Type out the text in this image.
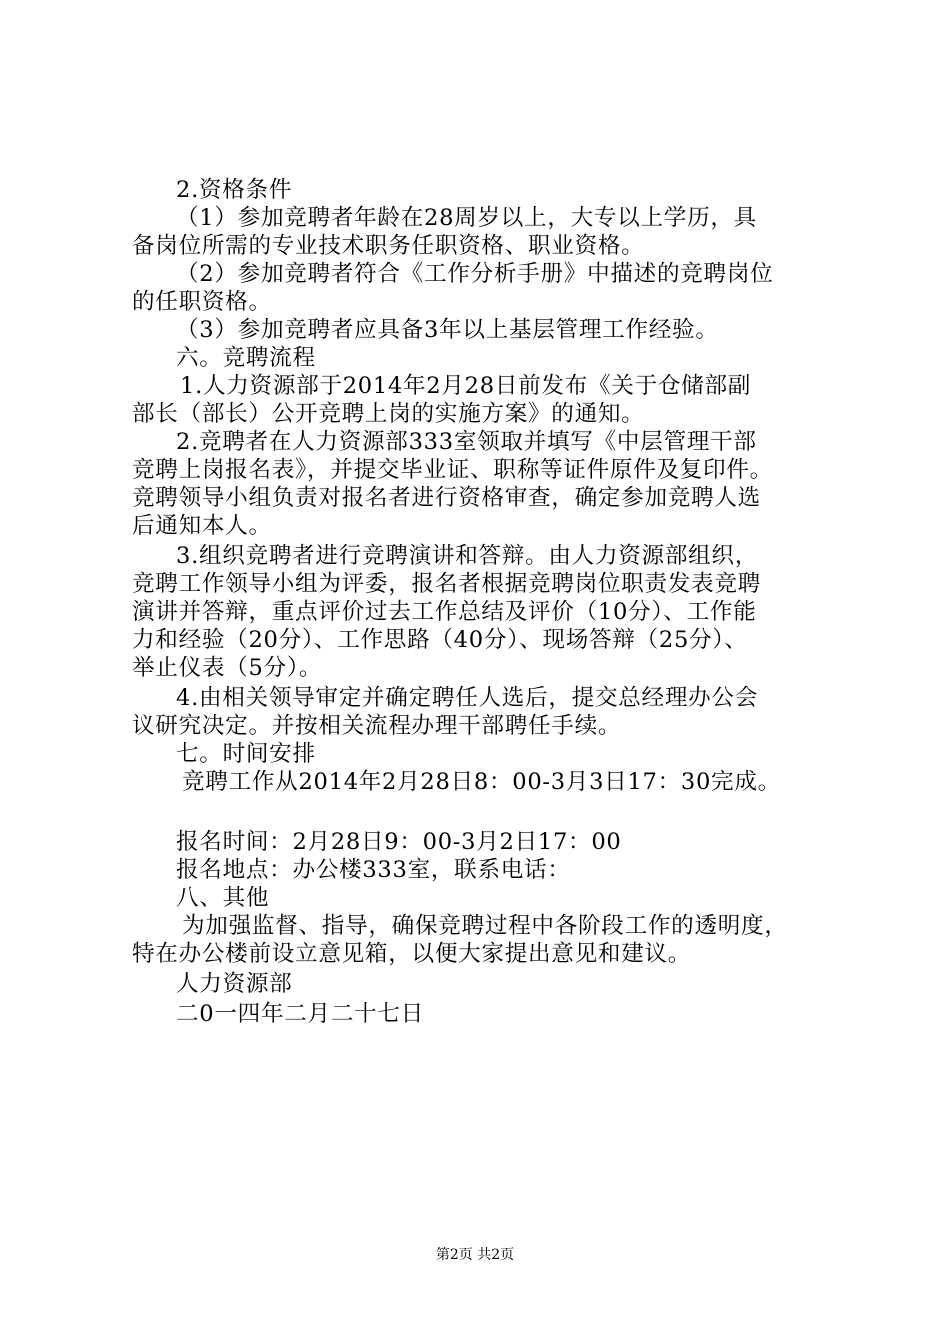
2.资格条件
（1）参加竞聘者年龄在28周岁以上，大专以上学历，具
备岗位所需的专业技术职务任职资格、职业资格。
（2）参加竞聘者符合《工作分析手册》中描述的竞聘岗位
的任职资格。
（3）参加竞聘者应具备3年以上基层管理工作经验。
六。竞聘流程
1.人力资源部于2014年2月28日前发布《关于仓储部副
部长（部长）公开竞聘上岗的实施方案》的通知。
2.竞聘者在人力资源部333室领取并填写《中层管理干部
竞聘上岗报名表》，并提交毕业证、职称等证件原件及复印件。
竞聘领导小组负责对报名者进行资格审查，确定参加竞聘人选
后通知本人。
3.组织竞聘者进行竞聘演讲和答辩。由人力资源部组织，
竞聘工作领导小组为评委，报名者根据竞聘岗位职责发表竞聘
演讲并答辩，重点评价过去工作总结及评价（10分）、工作能
力和经验（20分）、工作思路（40分）、现场答辩（25分）、
举止仪表（5分）。
4.由相关领导审定并确定聘任人选后，提交总经理办公会
议研究决定。并按相关流程办理干部聘任手续。
七。时间安排
竞聘工作从2014年2月28日8：00-3月3日17：30完成。
报名时间：2月28日9：00-3月2日17：00
报名地点：办公楼333室，联系电话：
八、其他
为加强监督、指导，确保竞聘过程中各阶段工作的透明度，
特在办公楼前设立意见箱，以便大家提出意见和建议。
人力资源部
二0一四年二月二十七日
第2页 共2页
